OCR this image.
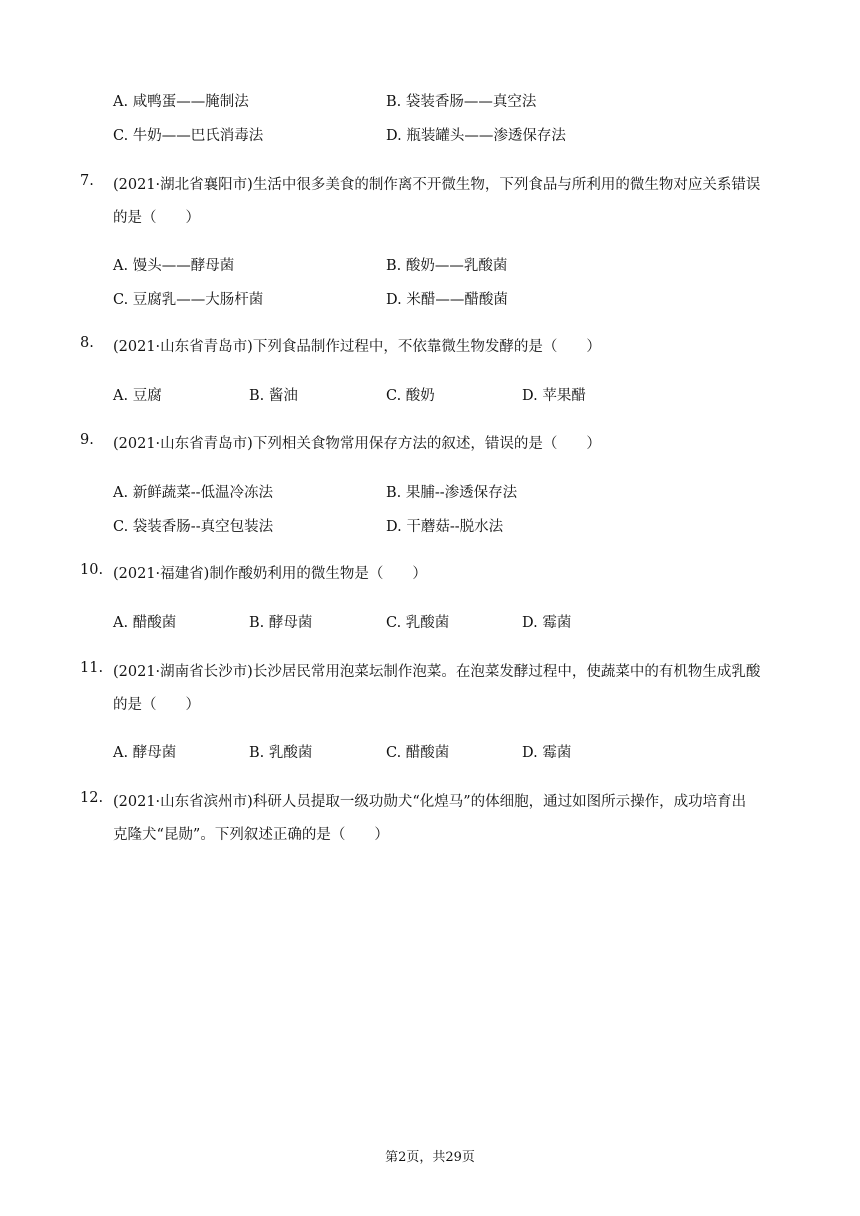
A. 咸鸭蛋——腌制法	B. 袋装香肠——真空法
C. 牛奶——巴氏消毒法	D. 瓶装罐头——渗透保存法
7. (2021·湖北省襄阳市)生活中很多美食的制作离不开微生物，下列食品与所利用的微生物对应关系错误
的是（　　）
A. 馒头——酵母菌	B. 酸奶——乳酸菌
C. 豆腐乳——大肠杆菌	D. 米醋——醋酸菌
8. (2021·山东省青岛市)下列食品制作过程中，不依靠微生物发酵的是（　　）
A. 豆腐	B. 酱油	C. 酸奶	D. 苹果醋
9. (2021·山东省青岛市)下列相关食物常用保存方法的叙述，错误的是（　　）
A. 新鲜蔬菜--低温冷冻法	B. 果脯--渗透保存法
C. 袋装香肠--真空包装法	D. 干蘑菇--脱水法
10. (2021·福建省)制作酸奶利用的微生物是（　　）
A. 醋酸菌	B. 酵母菌	C. 乳酸菌	D. 霉菌
11. (2021·湖南省长沙市)长沙居民常用泡菜坛制作泡菜。在泡菜发酵过程中，使蔬菜中的有机物生成乳酸
的是（　　）
A. 酵母菌	B. 乳酸菌	C. 醋酸菌	D. 霉菌
12. (2021·山东省滨州市)科研人员提取一级功勋犬“化煌马”的体细胞，通过如图所示操作，成功培育出
克隆犬“昆勋”。下列叙述正确的是（　　）
第2页，共29页
